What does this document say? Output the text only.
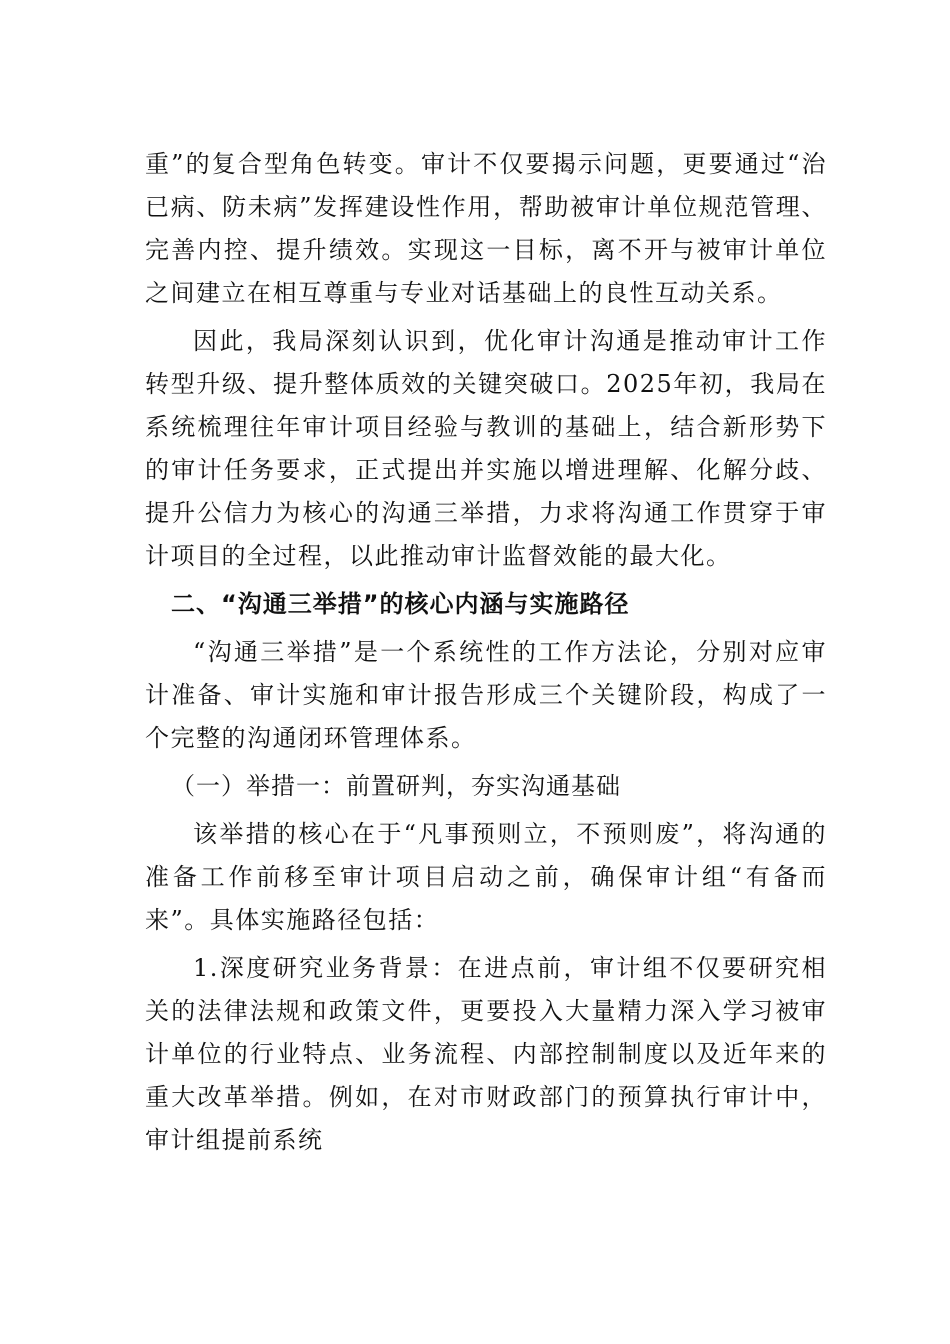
重”的复合型角色转变。审计不仅要揭示问题，更要通过“治已病、防未病”发挥建设性作用，帮助被审计单位规范管理、完善内控、提升绩效。实现这一目标，离不开与被审计单位之间建立在相互尊重与专业对话基础上的良性互动关系。

因此，我局深刻认识到，优化审计沟通是推动审计工作转型升级、提升整体质效的关键突破口。2025年初，我局在系统梳理往年审计项目经验与教训的基础上，结合新形势下的审计任务要求，正式提出并实施以增进理解、化解分歧、提升公信力为核心的沟通三举措，力求将沟通工作贯穿于审计项目的全过程，以此推动审计监督效能的最大化。

二、“沟通三举措”的核心内涵与实施路径

“沟通三举措”是一个系统性的工作方法论，分别对应审计准备、审计实施和审计报告形成三个关键阶段，构成了一个完整的沟通闭环管理体系。

（一）举措一：前置研判，夯实沟通基础

该举措的核心在于“凡事预则立，不预则废”，将沟通的准备工作前移至审计项目启动之前，确保审计组“有备而来”。具体实施路径包括：

1.深度研究业务背景：在进点前，审计组不仅要研究相关的法律法规和政策文件，更要投入大量精力深入学习被审计单位的行业特点、业务流程、内部控制制度以及近年来的重大改革举措。例如，在对市财政部门的预算执行审计中，审计组提前系统
